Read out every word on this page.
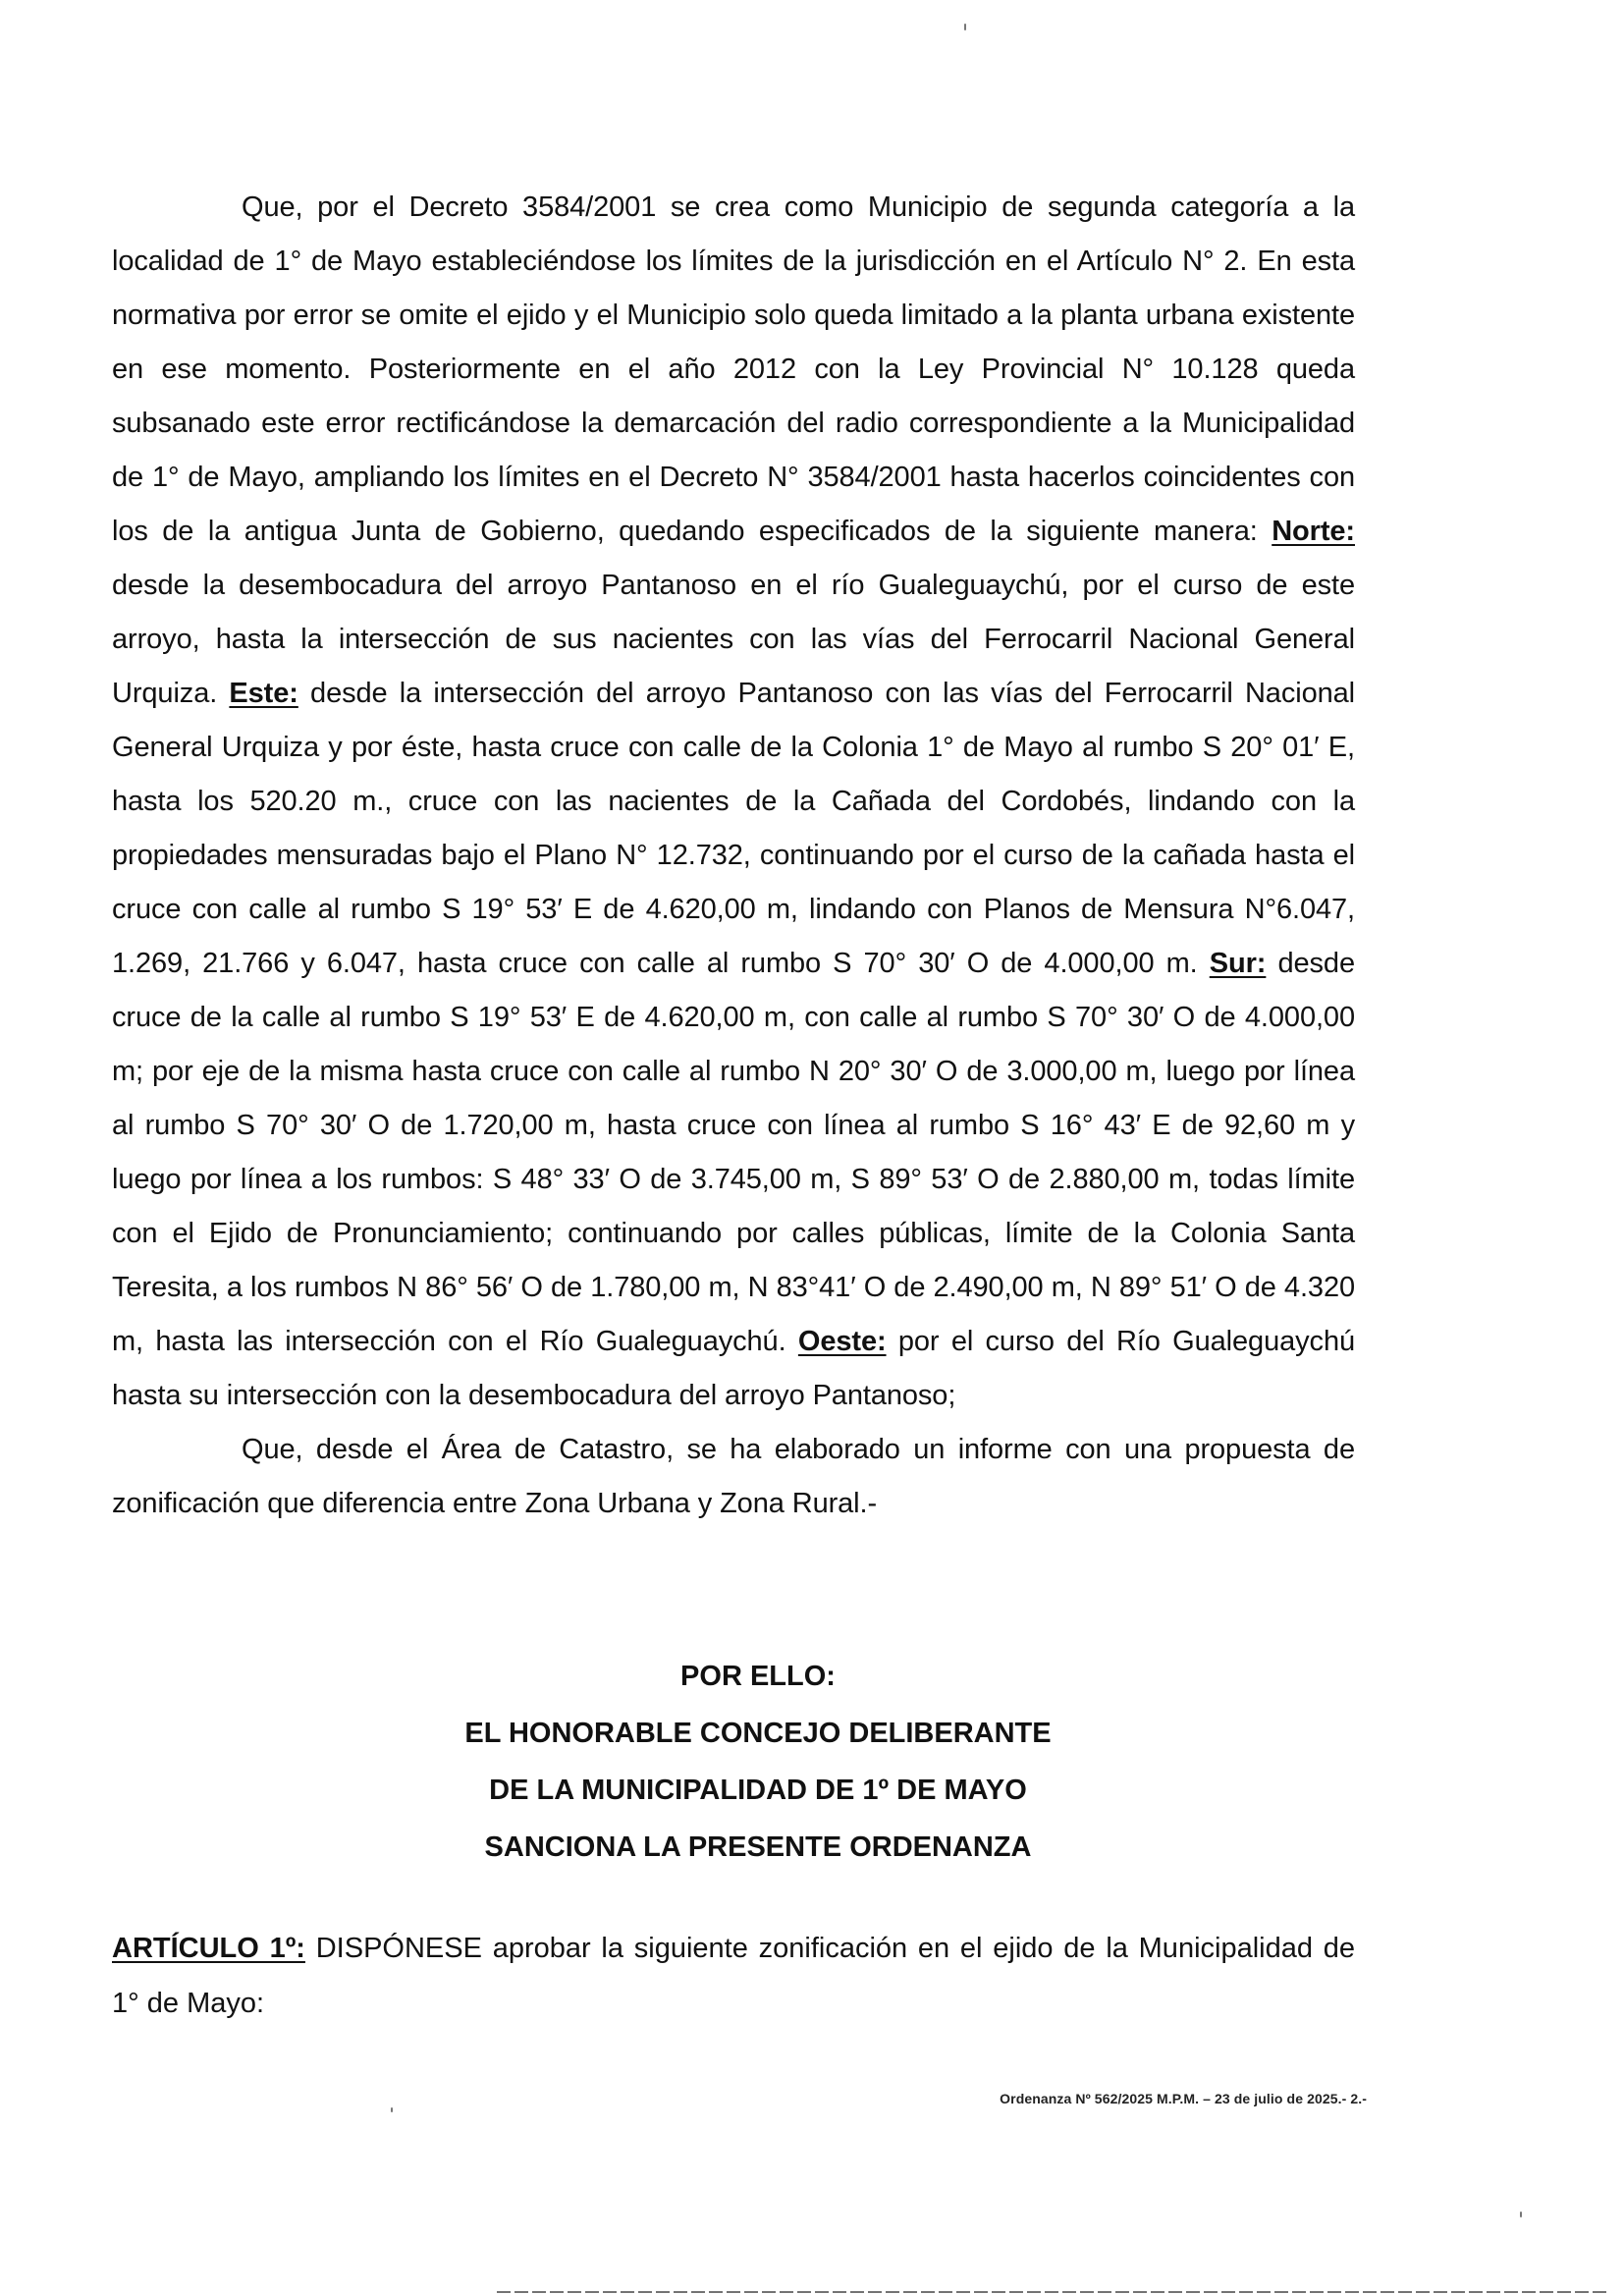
Que, por el Decreto 3584/2001 se crea como Municipio de segunda categoría a la localidad de 1° de Mayo estableciéndose los límites de la jurisdicción en el Artículo N° 2. En esta normativa por error se omite el ejido y el Municipio solo queda limitado a la planta urbana existente en ese momento. Posteriormente en el año 2012 con la Ley Provincial N° 10.128 queda subsanado este error rectificándose la demarcación del radio correspondiente a la Municipalidad de 1° de Mayo, ampliando los límites en el Decreto N° 3584/2001 hasta hacerlos coincidentes con los de la antigua Junta de Gobierno, quedando especificados de la siguiente manera: Norte: desde la desembocadura del arroyo Pantanoso en el río Gualeguaychú, por el curso de este arroyo, hasta la intersección de sus nacientes con las vías del Ferrocarril Nacional General Urquiza. Este: desde la intersección del arroyo Pantanoso con las vías del Ferrocarril Nacional General Urquiza y por éste, hasta cruce con calle de la Colonia 1° de Mayo al rumbo S 20° 01′ E, hasta los 520.20 m., cruce con las nacientes de la Cañada del Cordobés, lindando con la propiedades mensuradas bajo el Plano N° 12.732, continuando por el curso de la cañada hasta el cruce con calle al rumbo S 19° 53′ E de 4.620,00 m, lindando con Planos de Mensura N°6.047, 1.269, 21.766 y 6.047, hasta cruce con calle al rumbo S 70° 30′ O de 4.000,00 m. Sur: desde cruce de la calle al rumbo S 19° 53′ E de 4.620,00 m, con calle al rumbo S 70° 30′ O de 4.000,00 m; por eje de la misma hasta cruce con calle al rumbo N 20° 30′ O de 3.000,00 m, luego por línea al rumbo S 70° 30′ O de 1.720,00 m, hasta cruce con línea al rumbo S 16° 43′ E de 92,60 m y luego por línea a los rumbos: S 48° 33′ O de 3.745,00 m, S 89° 53′ O de 2.880,00 m, todas límite con el Ejido de Pronunciamiento; continuando por calles públicas, límite de la Colonia Santa Teresita, a los rumbos N 86° 56′ O de 1.780,00 m, N 83°41′ O de 2.490,00 m, N 89° 51′ O de 4.320 m, hasta las intersección con el Río Gualeguaychú. Oeste: por el curso del Río Gualeguaychú hasta su intersección con la desembocadura del arroyo Pantanoso;

Que, desde el Área de Catastro, se ha elaborado un informe con una propuesta de zonificación que diferencia entre Zona Urbana y Zona Rural.-

POR ELLO:
EL HONORABLE CONCEJO DELIBERANTE
DE LA MUNICIPALIDAD DE 1º DE MAYO
SANCIONA LA PRESENTE ORDENANZA
ARTÍCULO 1º: DISPÓNESE aprobar la siguiente zonificación en el ejido de la Municipalidad de 1° de Mayo:
Ordenanza Nº 562/2025 M.P.M. – 23 de julio de 2025.- 2.-
